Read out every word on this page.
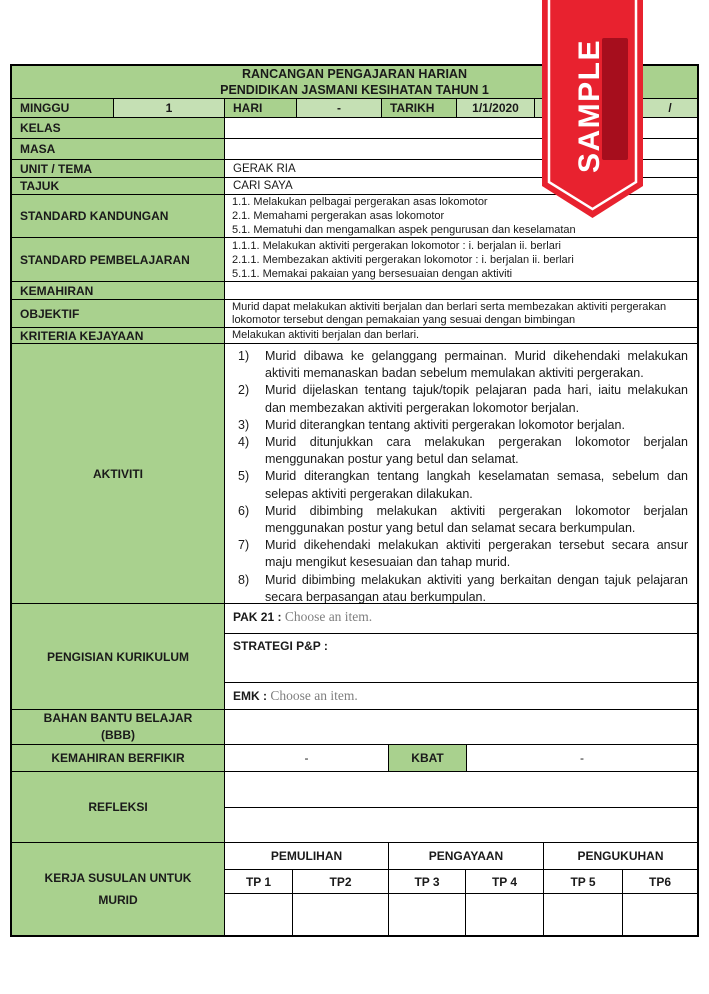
RANCANGAN PENGAJARAN HARIAN
PENDIDIKAN JASMANI KESIHATAN TAHUN 1
MINGGU	1	HARI	-	TARIKH	1/1/2020	/
KELAS
MASA
UNIT / TEMA	GERAK RIA
TAJUK	CARI SAYA
STANDARD KANDUNGAN
1.1. Melakukan pelbagai pergerakan asas lokomotor
2.1. Memahami pergerakan asas lokomotor
5.1. Mematuhi dan mengamalkan aspek pengurusan dan keselamatan
STANDARD PEMBELAJARAN
1.1.1. Melakukan aktiviti pergerakan lokomotor : i. berjalan ii. berlari
2.1.1. Membezakan aktiviti pergerakan lokomotor : i. berjalan ii. berlari
5.1.1. Memakai pakaian yang bersesuaian dengan aktiviti
KEMAHIRAN
OBJEKTIF	Murid dapat melakukan aktiviti berjalan dan berlari serta membezakan aktiviti pergerakan lokomotor tersebut dengan pemakaian yang sesuai dengan bimbingan
KRITERIA KEJAYAAN	Melakukan aktiviti berjalan dan berlari.
AKTIVITI
1)	Murid dibawa ke gelanggang permainan. Murid dikehendaki melakukan aktiviti memanaskan badan sebelum memulakan aktiviti pergerakan.
2)	Murid dijelaskan tentang tajuk/topik pelajaran pada hari, iaitu melakukan dan membezakan aktiviti pergerakan lokomotor berjalan.
3)	Murid diterangkan tentang aktiviti pergerakan lokomotor berjalan.
4)	Murid ditunjukkan cara melakukan pergerakan lokomotor berjalan menggunakan postur yang betul dan selamat.
5)	Murid diterangkan tentang langkah keselamatan semasa, sebelum dan selepas aktiviti pergerakan dilakukan.
6)	Murid dibimbing melakukan aktiviti pergerakan lokomotor berjalan menggunakan postur yang betul dan selamat secara berkumpulan.
7)	Murid dikehendaki melakukan aktiviti pergerakan tersebut secara ansur maju mengikut kesesuaian dan tahap murid.
8)	Murid dibimbing melakukan aktiviti yang berkaitan dengan tajuk pelajaran secara berpasangan atau berkumpulan.
PENGISIAN KURIKULUM
PAK 21 : Choose an item.
STRATEGI P&P :
EMK : Choose an item.
BAHAN BANTU BELAJAR
(BBB)
KEMAHIRAN BERFIKIR	-	KBAT	-
REFLEKSI
KERJA SUSULAN UNTUK
MURID
PEMULIHAN	PENGAYAAN	PENGUKUHAN
TP 1	TP2	TP 3	TP 4	TP 5	TP6
SAMPLE
